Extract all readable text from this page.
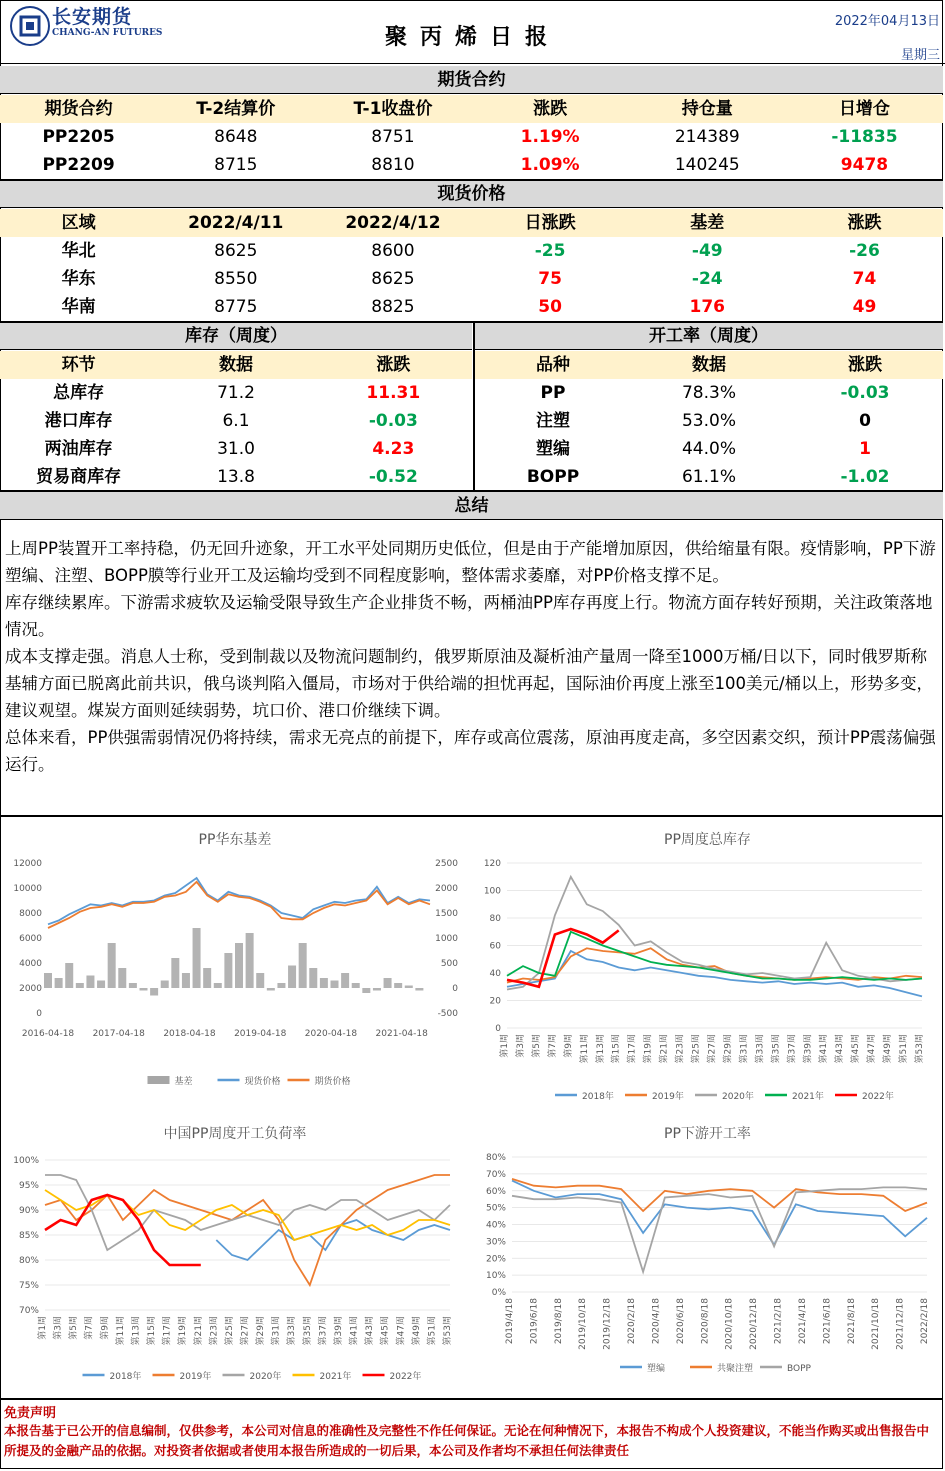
长安期货
CHANG-AN FUTURES	聚丙烯日报
2022年04月13日
星期三
期货合约
期货合约	T-2结算价	T-1收盘价	涨跌	持仓量	日增仓
PP2205	8648	8751	1.19%	214389	-11835
PP2209	8715	8810	1.09%	140245	9478
现货价格
区域	2022/4/11	2022/4/12	日涨跌	基差	涨跌
华北	8625	8600	-25	-49	-26
华东	8550	8625	75	-24	74
华南	8775	8825	50	176	49
库存（周度）	开工率（周度）
环节	数据	涨跌	品种	数据	涨跌
总库存	71.2	11.31
港口库存	6.1	-0.03
两油库存	31.0	4.23
贸易商库存	13.8	-0.52
PP	78.3%	-0.03
注塑	53.0%	0
塑编	44.0%	1
BOPP	61.1%	-1.02
总结

上周PP装置开工率持稳，仍无回升迹象，开工水平处同期历史低位，但是由于产能增加原因，供给缩量有限。疫情影响，PP下游塑编、注塑、BOPP膜等行业开工及运输均受到不同程度影响，整体需求萎靡，对PP价格支撑不足。

库存继续累库。下游需求疲软及运输受限导致生产企业排货不畅，两桶油PP库存再度上行。物流方面存转好预期，关注政策落地情况。

成本支撑走强。消息人士称，受到制裁以及物流问题制约，俄罗斯原油及凝析油产量周一降至1000万桶/日以下，同时俄罗斯称基辅方面已脱离此前共识，俄乌谈判陷入僵局，市场对于供给端的担忧再起，国际油价再度上涨至100美元/桶以上，形势多变，建议观望。煤炭方面则延续弱势，坑口价、港口价继续下调。

总体来看，PP供强需弱情况仍将持续，需求无亮点的前提下，库存或高位震荡，原油再度走高，多空因素交织，预计PP震荡偏强运行。

PP华东基差
12000
10000
8000
6000
4000
2000
0
2500
2000
1500
1000
500
0
-500
2016-04-18 2017-04-18 2018-04-18 2019-04-18 2020-04-18 2021-04-18
基差	现货价格	期货价格
PP周度总库存
120
100
80
60
40
20
0
第1周 第3周 第5周 第7周 第9周 第11周 第13周 第15周 第17周 第19周 第21周 第23周 第25周 第27周 第29周 第31周 第33周 第35周 第37周 第39周 第41周 第43周 第45周 第47周 第49周 第51周 第53周
2018年	2019年	2020年	2021年	2022年
中国PP周度开工负荷率
100%
95%
90%
85%
80%
75%
70%
第1周 第3周 第5周 第7周 第9周 第11周 第13周 第15周 第17周 第19周 第21周 第23周 第25周 第27周 第29周 第31周 第33周 第35周 第37周 第39周 第41周 第43周 第45周 第47周 第49周 第51周 第53周
2018年	2019年	2020年	2021年	2022年
PP下游开工率
80%
70%
60%
50%
40%
30%
20%
10%
0%
2019/4/18 2019/6/18 2019/8/18 2019/10/18 2019/12/18 2020/2/18 2020/4/18 2020/6/18 2020/8/18 2020/10/18 2020/12/18 2021/2/18 2021/4/18 2021/6/18 2021/8/18 2021/10/18 2021/12/18 2022/2/18
塑编	共聚注塑	BOPP
免责声明
本报告基于已公开的信息编制，仅供参考，本公司对信息的准确性及完整性不作任何保证。无论在何种情况下，本报告不构成个人投资建议，不能当作购买或出售报告中所提及的金融产品的依据。对投资者依据或者使用本报告所造成的一切后果，本公司及作者均不承担任何法律责任
